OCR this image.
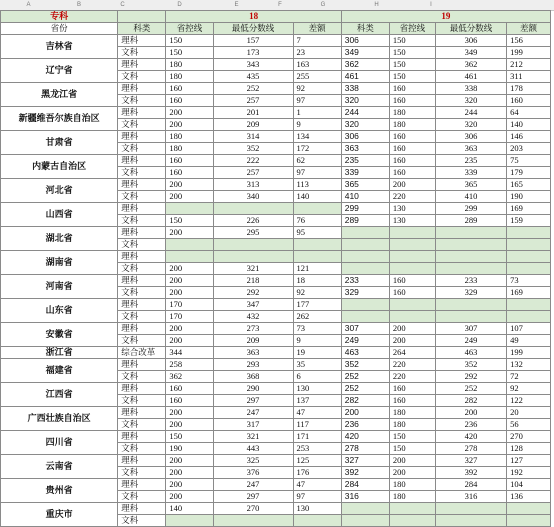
A	B	C	D	E	F	G	H	I
专科		18			19			
省份	科类	省控线	最低分数线	差额	科类	省控线	最低分数线	差额
吉林省	理科	150	157	7	306	150	306	156
	文科	150	173	23	349	150	349	199
辽宁省	理科	180	343	163	362	150	362	212
	文科	180	435	255	461	150	461	311
黑龙江省	理科	160	252	92	338	160	338	178
	文科	160	257	97	320	160	320	160
新疆维吾尔族自治区	理科	200	201	1	244	180	244	64
	文科	200	209	9	320	180	320	140
甘肃省	理科	180	314	134	306	160	306	146
	文科	180	352	172	363	160	363	203
内蒙古自治区	理科	160	222	62	235	160	235	75
	文科	160	257	97	339	160	339	179
河北省	理科	200	313	113	365	200	365	165
	文科	200	340	140	410	220	410	190
山西省	理科				299	130	299	169
	文科	150	226	76	289	130	289	159
湖北省	理科	200	295	95				
	文科							
湖南省	理科							
	文科	200	321	121				
河南省	理科	200	218	18	233	160	233	73
	文科	200	292	92	329	160	329	169
山东省	理科	170	347	177				
	文科	170	432	262				
安徽省	理科	200	273	73	307	200	307	107
	文科	200	209	9	249	200	249	49
浙江省	综合改革	344	363	19	463	264	463	199
福建省	理科	258	293	35	352	220	352	132
	文科	362	368	6	252	220	292	72
江西省	理科	160	290	130	252	160	252	92
	文科	160	297	137	282	160	282	122
广西壮族自治区	理科	200	247	47	200	180	200	20
	文科	200	317	117	236	180	236	56
四川省	理科	150	321	171	420	150	420	270
	文科	190	443	253	278	150	278	128
云南省	理科	200	325	125	327	200	327	127
	文科	200	376	176	392	200	392	192
贵州省	理科	200	247	47	284	180	284	104
	文科	200	297	97	316	180	316	136
重庆市	理科	140	270	130				
	文科							
